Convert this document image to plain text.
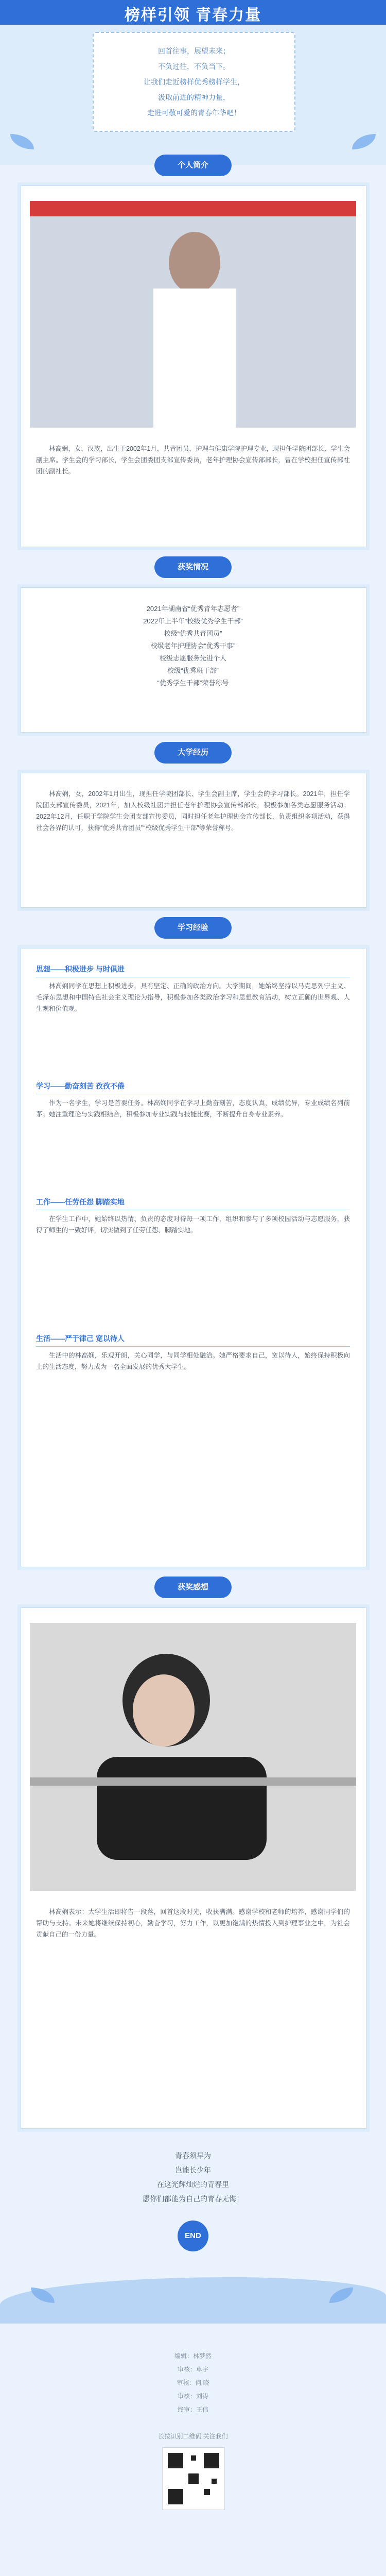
榜样引领 青春力量
回首往事，展望未来；
不负过往，不负当下。
让我们走近榜样优秀榜样学生，
汲取前进的精神力量，
走进可敬可爱的青春年华吧！
个人简介

林高娴，女，汉族，出生于2002年1月，共青团员，护理与健康学院护理专业，现担任学院团部长、学生会副主席。学生会的学习部长，学生会团委团支部宣传委员，老年护理协会宣传部部长，曾在学校担任宣传部社团的副社长。

获奖情况
2021年湖南省“优秀青年志愿者”
2022年上半年“校级优秀学生干部”
校级“优秀共青团员”
校级老年护理协会“优秀干事”
校级志愿服务先进个人
校级“优秀班干部”
“优秀学生干部”荣誉称号
大学经历

林高娴，女，2002年1月出生，现担任学院团部长、学生会副主席，学生会的学习部长。2021年，担任学院团支部宣传委员，2021年，加入校级社团并担任老年护理协会宣传部部长，积极参加各类志愿服务活动；2022年12月，任职于学院学生会团支部宣传委员，同时担任老年护理协会宣传部长，负责组织多项活动，获得社会各界的认可，获得“优秀共青团员”“校级优秀学生干部”等荣誉称号。

学习经验
思想——积极进步 与时俱进

林高娴同学在思想上积极进步，具有坚定、正确的政治方向。大学期间，她始终坚持以马克思列宁主义、毛泽东思想和中国特色社会主义理论为指导，积极参加各类政治学习和思想教育活动，树立正确的世界观、人生观和价值观。

学习——勤奋刻苦 孜孜不倦

作为一名学生，学习是首要任务。林高娴同学在学习上勤奋刻苦，态度认真，成绩优异，专业成绩名列前茅。她注重理论与实践相结合，积极参加专业实践与技能比赛，不断提升自身专业素养。

工作——任劳任怨 脚踏实地

在学生工作中，她始终以热情、负责的态度对待每一项工作，组织和参与了多项校园活动与志愿服务，获得了师生的一致好评，切实做到了任劳任怨、脚踏实地。

生活——严于律己 宽以待人

生活中的林高娴，乐观开朗，关心同学，与同学相处融洽。她严格要求自己，宽以待人，始终保持积极向上的生活态度，努力成为一名全面发展的优秀大学生。

获奖感想

林高娴表示：大学生活即将告一段落，回首这段时光，收获满满。感谢学校和老师的培养，感谢同学们的帮助与支持。未来她将继续保持初心，勤奋学习，努力工作，以更加饱满的热情投入到护理事业之中，为社会贡献自己的一份力量。

青春须早为
岂能长少年
在这光辉灿烂的青春里
愿你们都能为自己的青春无悔！
END
编辑：林梦然
审核：卓宇
审核：何 晓
审核：刘涛
终审：王伟
长按识别二维码 关注我们
